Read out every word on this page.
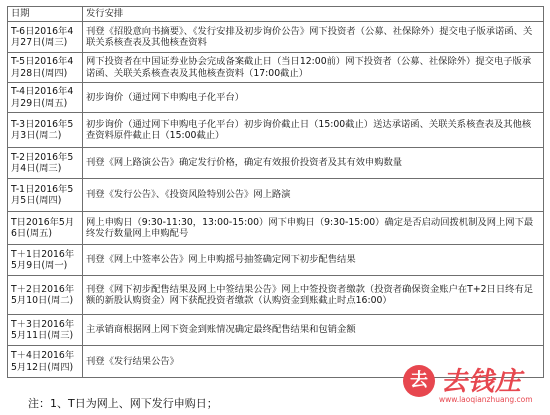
日期	发行安排
T-6日2016年4月27日(周三)	刊登《招股意向书摘要》、《发行安排及初步询价公告》网下投资者（公募、社保除外）提交电子版承诺函、关联关系核查表及其他核查资料
T-5日2016年4月28日(周四)	网下投资者在中国证券业协会完成备案截止日（当日12:00前）网下投资者（公募、社保除外）提交电子版承诺函、关联关系核查表及其他核查资料（17:00截止）
T-4日2016年4月29日(周五)	初步询价（通过网下申购电子化平台）
T-3日2016年5月3日(周二)	初步询价（通过网下申购电子化平台）初步询价截止日（15:00截止）送达承诺函、关联关系核查表及其他核查资料原件截止日（15:00截止）
T-2日2016年5月4日(周三)	刊登《网上路演公告》确定发行价格，确定有效报价投资者及其有效申购数量
T-1日2016年5月5日(周四)	刊登《发行公告》、《投资风险特别公告》网上路演
T日2016年5月6日(周五)	网上申购日（9:30-11:30，13:00-15:00）网下申购日（9:30-15:00）确定是否启动回拨机制及网上网下最终发行数量网上申购配号
T＋1日2016年5月9日(周一)	刊登《网上中签率公告》网上申购摇号抽签确定网下初步配售结果
T＋2日2016年5月10日(周二)	刊登《网下初步配售结果及网上中签结果公告》网上中签投资者缴款（投资者确保资金账户在T+2日日终有足额的新股认购资金）网下获配投资者缴款（认购资金到账截止时点16:00）
T＋3日2016年5月11日(周三)	主承销商根据网上网下资金到账情况确定最终配售结果和包销金额
T＋4日2016年5月12日(周四)	刊登《发行结果公告》
注：1、T日为网上、网下发行申购日；
去 去钱庄
www.laoqianzhuang.com
